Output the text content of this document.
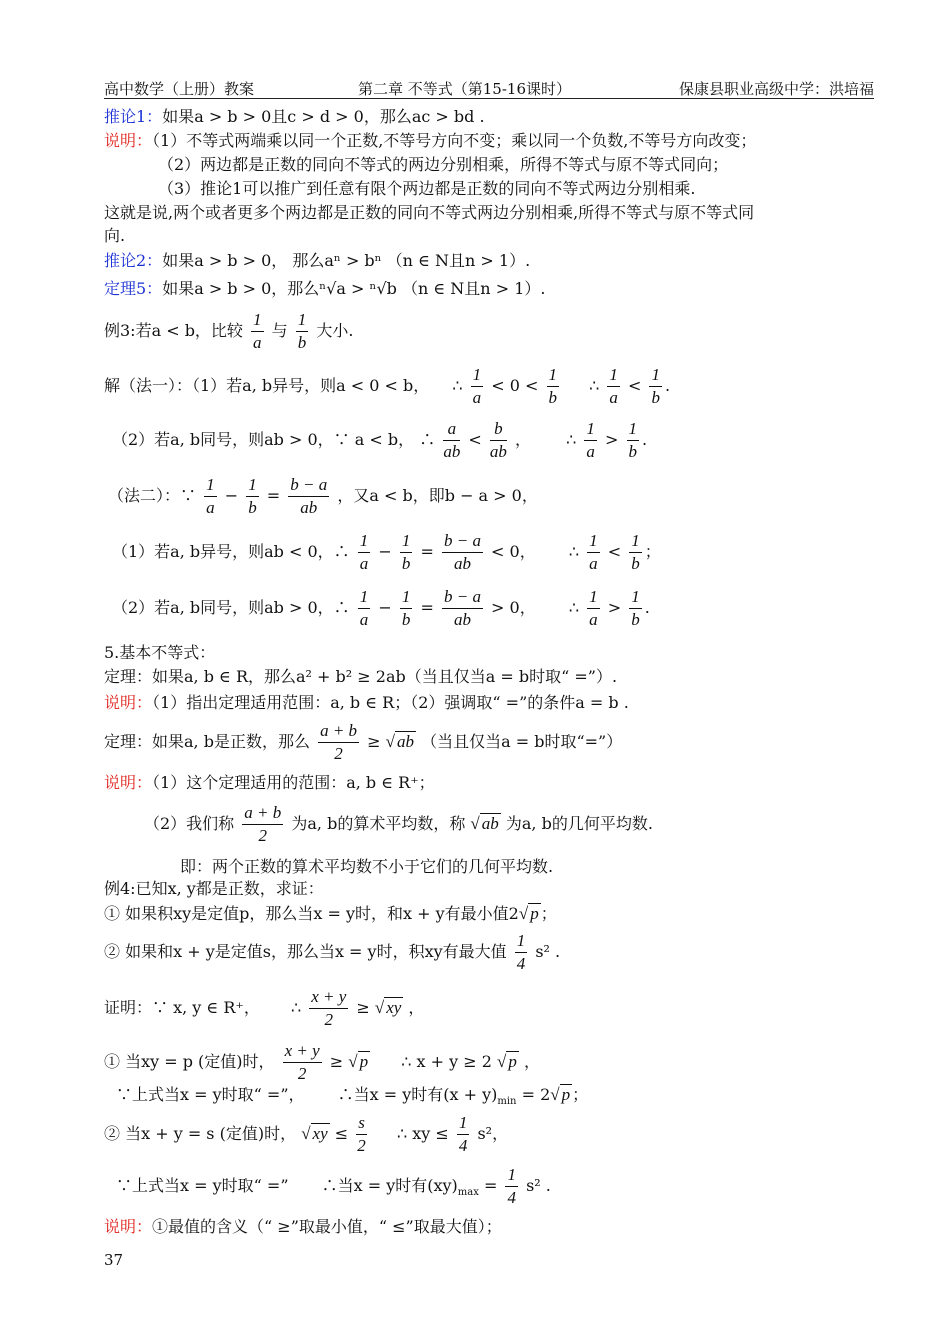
高中数学（上册）教案	第二章 不等式（第15-16课时）	保康县职业高级中学：洪培福
推论1：如果a > b > 0且c > d > 0，那么ac > bd .
说明：（1）不等式两端乘以同一个正数,不等号方向不变；乘以同一个负数,不等号方向改变；
（2）两边都是正数的同向不等式的两边分别相乘，所得不等式与原不等式同向；
（3）推论1可以推广到任意有限个两边都是正数的同向不等式两边分别相乘.
这就是说,两个或者更多个两边都是正数的同向不等式两边分别相乘,所得不等式与原不等式同
向.
推论2：如果a > b > 0， 那么aⁿ > bⁿ （n ∈ N且n > 1）.
定理5：如果a > b > 0，那么ⁿ√a > ⁿ√b （n ∈ N且n > 1）.
例3:若a < b，比较 $\frac{1}{a}$ 与 $\frac{1}{b}$ 大小.
解（法一）：（1）若a, b异号，则a < 0 < b， ∴ $\frac{1}{a} < 0 < \frac{1}{b}$ ∴ $\frac{1}{a} < \frac{1}{b}$ .
（2）若a, b同号，则ab > 0，∵ a < b， ∴ $\frac{a}{ab} < \frac{b}{ab}$ ， ∴ $\frac{1}{a} > \frac{1}{b}$ .
（法二）：∵ $\frac{1}{a} - \frac{1}{b} = \frac{b - a}{ab}$ ，又a < b，即b − a > 0，
（1）若a, b异号，则ab < 0，∴ $\frac{1}{a} - \frac{1}{b} = \frac{b - a}{ab} < 0$， ∴ $\frac{1}{a} < \frac{1}{b}$ ；
（2）若a, b同号，则ab > 0，∴ $\frac{1}{a} - \frac{1}{b} = \frac{b - a}{ab} > 0$， ∴ $\frac{1}{a} > \frac{1}{b}$ .
5.基本不等式：
定理：如果a, b ∈ R，那么a² + b² ≥ 2ab（当且仅当a = b时取“ =”）.
说明：（1）指出定理适用范围：a, b ∈ R；（2）强调取“ =”的条件a = b .
定理：如果a, b是正数，那么 $\frac{a + b}{2}$ ≥ √ ab （当且仅当a = b时取“=”）
说明：（1）这个定理适用的范围：a, b ∈ R⁺；
（2）我们称 $\frac{a + b}{2}$ 为a, b的算术平均数，称 √ ab 为a, b的几何平均数.
即：两个正数的算术平均数不小于它们的几何平均数.
例4:已知x, y都是正数，求证：
① 如果积xy是定值p，那么当x = y时，和x + y有最小值2√ p ；
② 如果和x + y是定值s，那么当x = y时，积xy有最大值 $\frac{1}{4} s^2$ .
证明：∵ x, y ∈ R⁺， ∴ $\frac{x + y}{2}$ ≥ √ xy ，
① 当xy = p (定值)时， $\frac{x + y}{2}$ ≥ √ p ∴ x + y ≥ 2 √ p ，
∵上式当x = y时取“ =”， ∴当x = y时有$(x + y)_{min} = 2√$ p ；
② 当x + y = s (定值)时， √ xy ≤ $\frac{s}{2}$ ∴ xy ≤ $\frac{1}{4} s^2$，
∵上式当x = y时取“ =” ∴当x = y时有$(xy)_{max} = \frac{1}{4} s^2$ .
说明：①最值的含义（“ ≥”取最小值，“ ≤”取最大值）；
37
